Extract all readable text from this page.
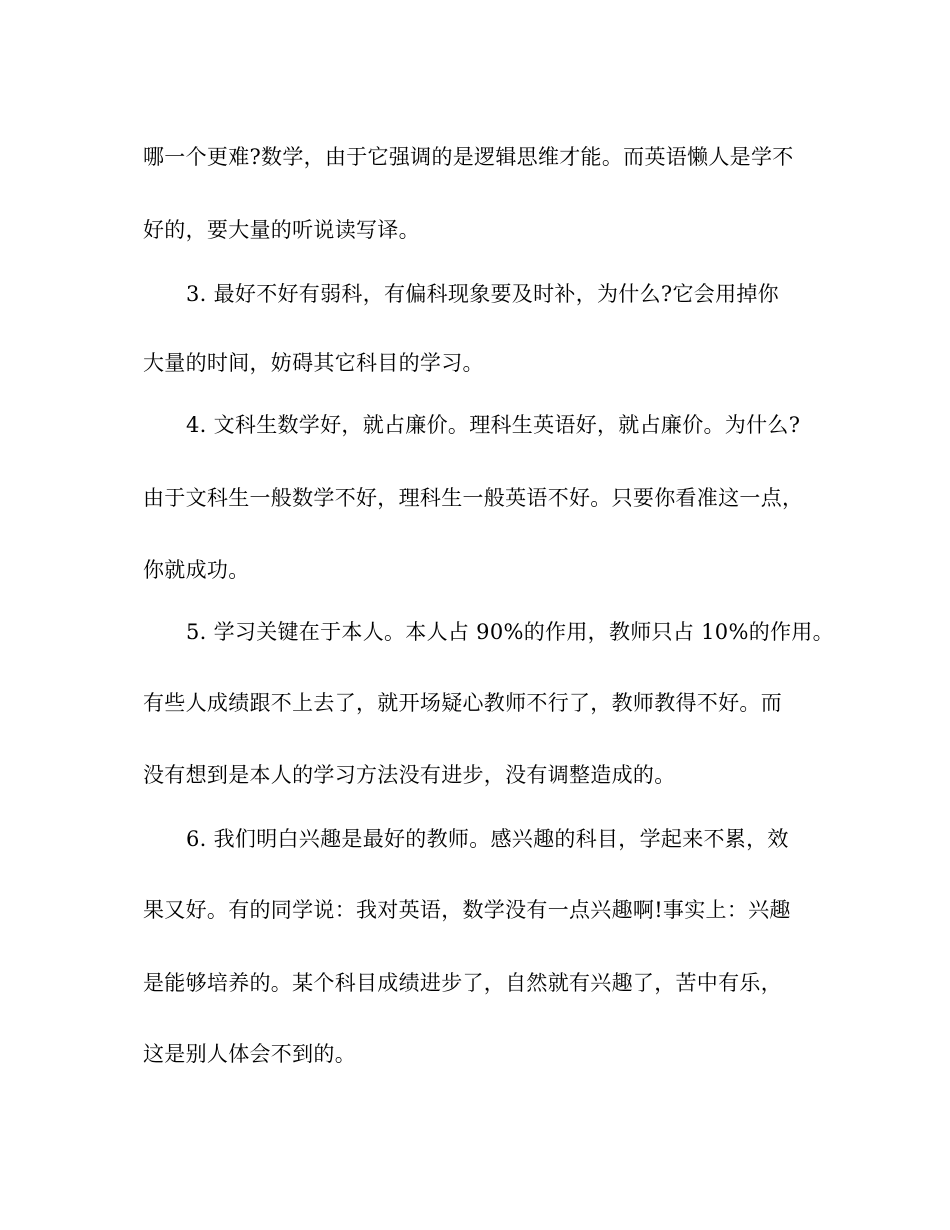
哪一个更难?数学，由于它强调的是逻辑思维才能。而英语懒人是学不
好的，要大量的听说读写译。
3. 最好不好有弱科，有偏科现象要及时补，为什么?它会用掉你
大量的时间，妨碍其它科目的学习。
4. 文科生数学好，就占廉价。理科生英语好，就占廉价。为什么?
由于文科生一般数学不好，理科生一般英语不好。只要你看准这一点，
你就成功。
5. 学习关键在于本人。本人占 90%的作用，教师只占 10%的作用。
有些人成绩跟不上去了，就开场疑心教师不行了，教师教得不好。而
没有想到是本人的学习方法没有进步，没有调整造成的。
6. 我们明白兴趣是最好的教师。感兴趣的科目，学起来不累，效
果又好。有的同学说：我对英语，数学没有一点兴趣啊!事实上：兴趣
是能够培养的。某个科目成绩进步了，自然就有兴趣了，苦中有乐，
这是别人体会不到的。
